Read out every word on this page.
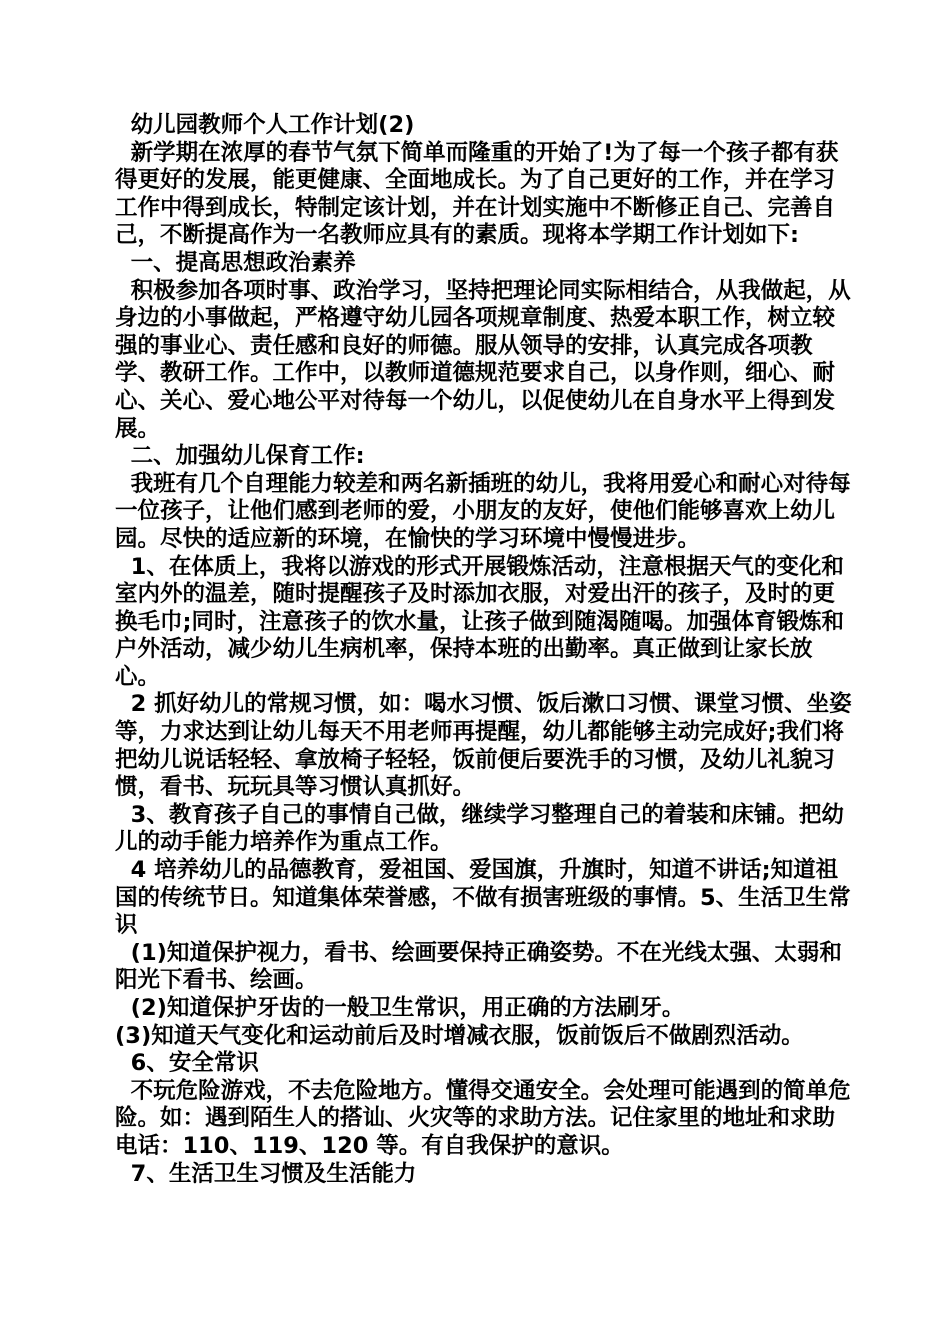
幼儿园教师个人工作计划(2)

新学期在浓厚的春节气氛下简单而隆重的开始了!为了每一个孩子都有获得更好的发展，能更健康、全面地成长。为了自己更好的工作，并在学习工作中得到成长，特制定该计划，并在计划实施中不断修正自己、完善自己，不断提高作为一名教师应具有的素质。现将本学期工作计划如下:

一、提高思想政治素养

积极参加各项时事、政治学习，坚持把理论同实际相结合，从我做起，从身边的小事做起，严格遵守幼儿园各项规章制度、热爱本职工作，树立较强的事业心、责任感和良好的师德。服从领导的安排，认真完成各项教学、教研工作。工作中，以教师道德规范要求自己，以身作则，细心、耐心、关心、爱心地公平对待每一个幼儿，以促使幼儿在自身水平上得到发展。

二、加强幼儿保育工作:

我班有几个自理能力较差和两名新插班的幼儿，我将用爱心和耐心对待每一位孩子，让他们感到老师的爱，小朋友的友好，使他们能够喜欢上幼儿园。尽快的适应新的环境，在愉快的学习环境中慢慢进步。

1、在体质上，我将以游戏的形式开展锻炼活动，注意根据天气的变化和室内外的温差，随时提醒孩子及时添加衣服，对爱出汗的孩子，及时的更换毛巾;同时，注意孩子的饮水量，让孩子做到随渴随喝。加强体育锻炼和户外活动，减少幼儿生病机率，保持本班的出勤率。真正做到让家长放心。

2 抓好幼儿的常规习惯，如：喝水习惯、饭后漱口习惯、课堂习惯、坐姿等，力求达到让幼儿每天不用老师再提醒，幼儿都能够主动完成好;我们将把幼儿说话轻轻、拿放椅子轻轻，饭前便后要洗手的习惯，及幼儿礼貌习惯，看书、玩玩具等习惯认真抓好。

3、教育孩子自己的事情自己做，继续学习整理自己的着装和床铺。把幼儿的动手能力培养作为重点工作。

4 培养幼儿的品德教育，爱祖国、爱国旗，升旗时，知道不讲话;知道祖国的传统节日。知道集体荣誉感，不做有损害班级的事情。5、生活卫生常识

(1)知道保护视力，看书、绘画要保持正确姿势。不在光线太强、太弱和阳光下看书、绘画。

(2)知道保护牙齿的一般卫生常识，用正确的方法刷牙。

(3)知道天气变化和运动前后及时增减衣服，饭前饭后不做剧烈活动。

6、安全常识

不玩危险游戏，不去危险地方。懂得交通安全。会处理可能遇到的简单危险。如：遇到陌生人的搭讪、火灾等的求助方法。记住家里的地址和求助电话：110、119、120 等。有自我保护的意识。

7、生活卫生习惯及生活能力
